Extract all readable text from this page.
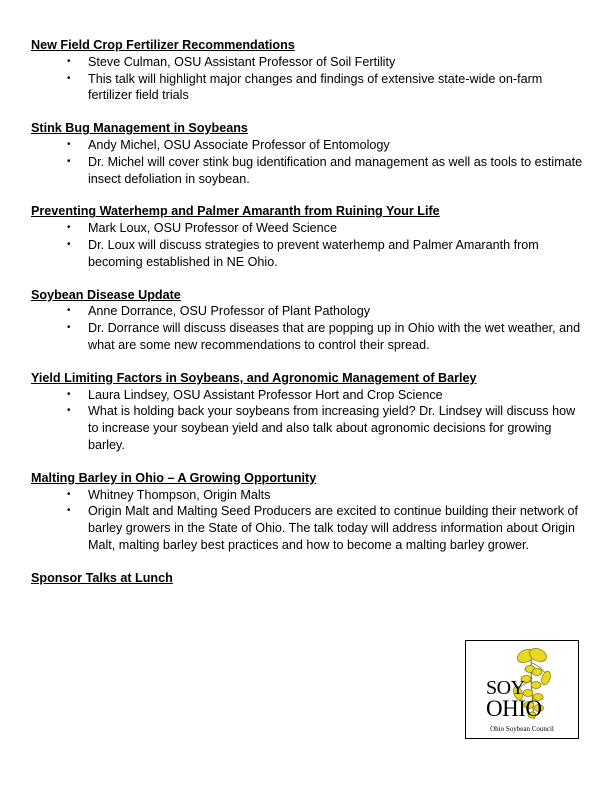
New Field Crop Fertilizer Recommendations
• Steve Culman, OSU Assistant Professor of Soil Fertility
• This talk will highlight major changes and findings of extensive state-wide on-farm fertilizer field trials
Stink Bug Management in Soybeans
• Andy Michel, OSU Associate Professor of Entomology
• Dr. Michel will cover stink bug identification and management as well as tools to estimate insect defoliation in soybean.
Preventing Waterhemp and Palmer Amaranth from Ruining Your Life
• Mark Loux, OSU Professor of Weed Science
• Dr. Loux will discuss strategies to prevent waterhemp and Palmer Amaranth from becoming established in NE Ohio.
Soybean Disease Update
• Anne Dorrance, OSU Professor of Plant Pathology
• Dr. Dorrance will discuss diseases that are popping up in Ohio with the wet weather, and what are some new recommendations to control their spread.
Yield Limiting Factors in Soybeans, and Agronomic Management of Barley
• Laura Lindsey, OSU Assistant Professor Hort and Crop Science
• What is holding back your soybeans from increasing yield? Dr. Lindsey will discuss how to increase your soybean yield and also talk about agronomic decisions for growing barley.
Malting Barley in Ohio – A Growing Opportunity
• Whitney Thompson, Origin Malts
• Origin Malt and Malting Seed Producers are excited to continue building their network of barley growers in the State of Ohio. The talk today will address information about Origin Malt, malting barley best practices and how to become a malting barley grower.
Sponsor Talks at Lunch
SOY
OHIO
Ohio Soybean Council
